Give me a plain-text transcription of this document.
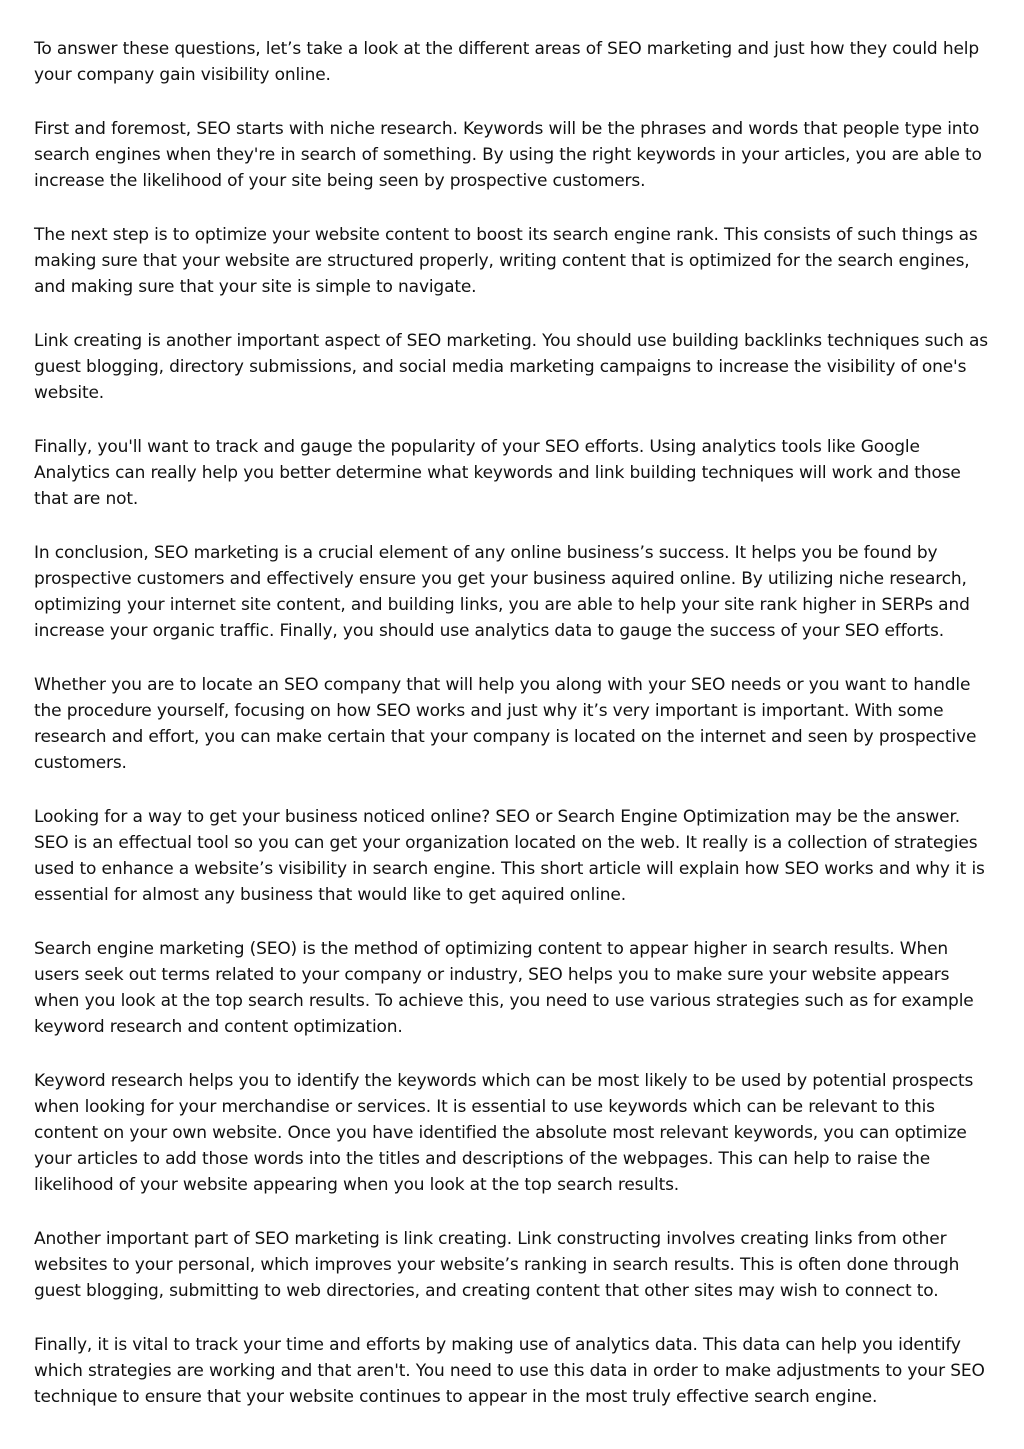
To answer these questions, let’s take a look at the different areas of SEO marketing and just how they could help your company gain visibility online.

First and foremost, SEO starts with niche research. Keywords will be the phrases and words that people type into search engines when they're in search of something. By using the right keywords in your articles, you are able to increase the likelihood of your site being seen by prospective customers.

The next step is to optimize your website content to boost its search engine rank. This consists of such things as making sure that your website are structured properly, writing content that is optimized for the search engines, and making sure that your site is simple to navigate.

Link creating is another important aspect of SEO marketing. You should use building backlinks techniques such as guest blogging, directory submissions, and social media marketing campaigns to increase the visibility of one's website.

Finally, you'll want to track and gauge the popularity of your SEO efforts. Using analytics tools like Google Analytics can really help you better determine what keywords and link building techniques will work and those that are not.

In conclusion, SEO marketing is a crucial element of any online business’s success. It helps you be found by prospective customers and effectively ensure you get your business aquired online. By utilizing niche research, optimizing your internet site content, and building links, you are able to help your site rank higher in SERPs and increase your organic traffic. Finally, you should use analytics data to gauge the success of your SEO efforts.

Whether you are to locate an SEO company that will help you along with your SEO needs or you want to handle the procedure yourself, focusing on how SEO works and just why it’s very important is important. With some research and effort, you can make certain that your company is located on the internet and seen by prospective customers.

Looking for a way to get your business noticed online? SEO or Search Engine Optimization may be the answer. SEO is an effectual tool so you can get your organization located on the web. It really is a collection of strategies used to enhance a website’s visibility in search engine. This short article will explain how SEO works and why it is essential for almost any business that would like to get aquired online.

Search engine marketing (SEO) is the method of optimizing content to appear higher in search results. When users seek out terms related to your company or industry, SEO helps you to make sure your website appears when you look at the top search results. To achieve this, you need to use various strategies such as for example keyword research and content optimization.

Keyword research helps you to identify the keywords which can be most likely to be used by potential prospects when looking for your merchandise or services. It is essential to use keywords which can be relevant to this content on your own website. Once you have identified the absolute most relevant keywords, you can optimize your articles to add those words into the titles and descriptions of the webpages. This can help to raise the likelihood of your website appearing when you look at the top search results.

Another important part of SEO marketing is link creating. Link constructing involves creating links from other websites to your personal, which improves your website’s ranking in search results. This is often done through guest blogging, submitting to web directories, and creating content that other sites may wish to connect to.

Finally, it is vital to track your time and efforts by making use of analytics data. This data can help you identify which strategies are working and that aren't. You need to use this data in order to make adjustments to your SEO technique to ensure that your website continues to appear in the most truly effective search engine.
